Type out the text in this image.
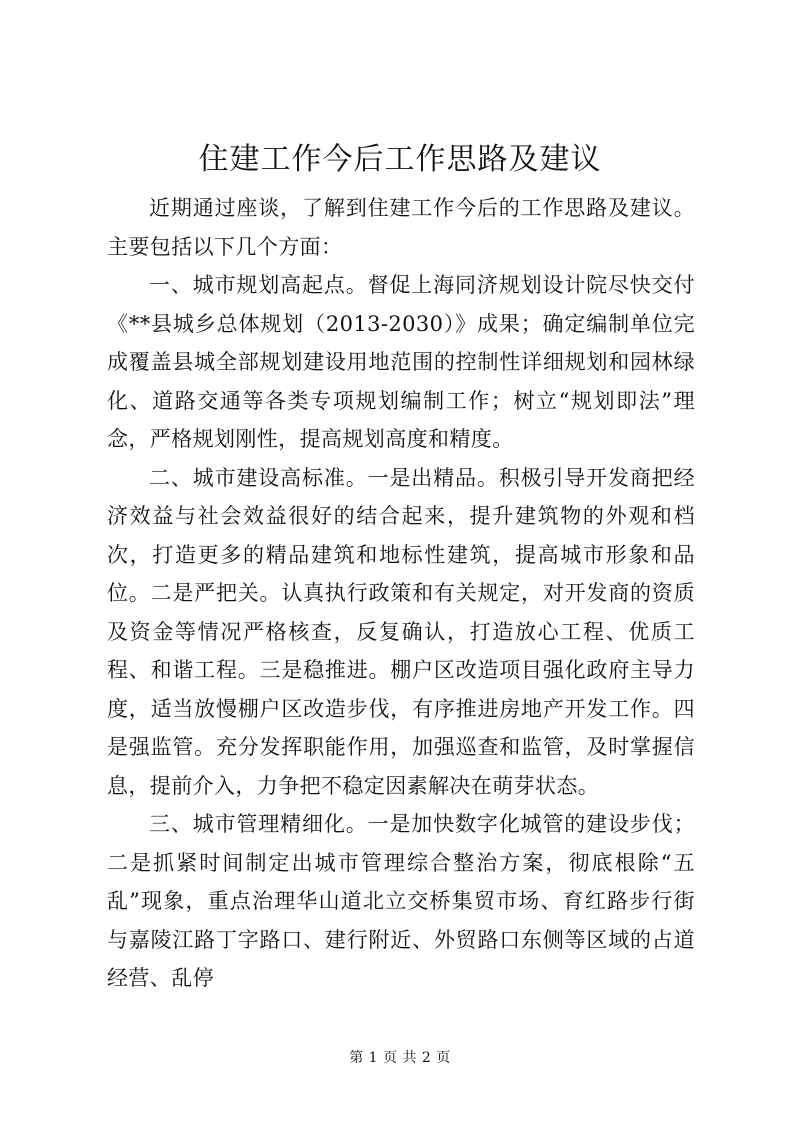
住建工作今后工作思路及建议

近期通过座谈，了解到住建工作今后的工作思路及建议。主要包括以下几个方面：

一、城市规划高起点。督促上海同济规划设计院尽快交付《**县城乡总体规划（2013-2030）》成果；确定编制单位完成覆盖县城全部规划建设用地范围的控制性详细规划和园林绿化、道路交通等各类专项规划编制工作；树立“规划即法”理念，严格规划刚性，提高规划高度和精度。

二、城市建设高标准。一是出精品。积极引导开发商把经济效益与社会效益很好的结合起来，提升建筑物的外观和档次，打造更多的精品建筑和地标性建筑，提高城市形象和品位。二是严把关。认真执行政策和有关规定，对开发商的资质及资金等情况严格核查，反复确认，打造放心工程、优质工程、和谐工程。三是稳推进。棚户区改造项目强化政府主导力度，适当放慢棚户区改造步伐，有序推进房地产开发工作。四是强监管。充分发挥职能作用，加强巡查和监管，及时掌握信息，提前介入，力争把不稳定因素解决在萌芽状态。

三、城市管理精细化。一是加快数字化城管的建设步伐；二是抓紧时间制定出城市管理综合整治方案，彻底根除“五乱”现象，重点治理华山道北立交桥集贸市场、育红路步行街与嘉陵江路丁字路口、建行附近、外贸路口东侧等区域的占道经营、乱停

第 1 页 共 2 页
